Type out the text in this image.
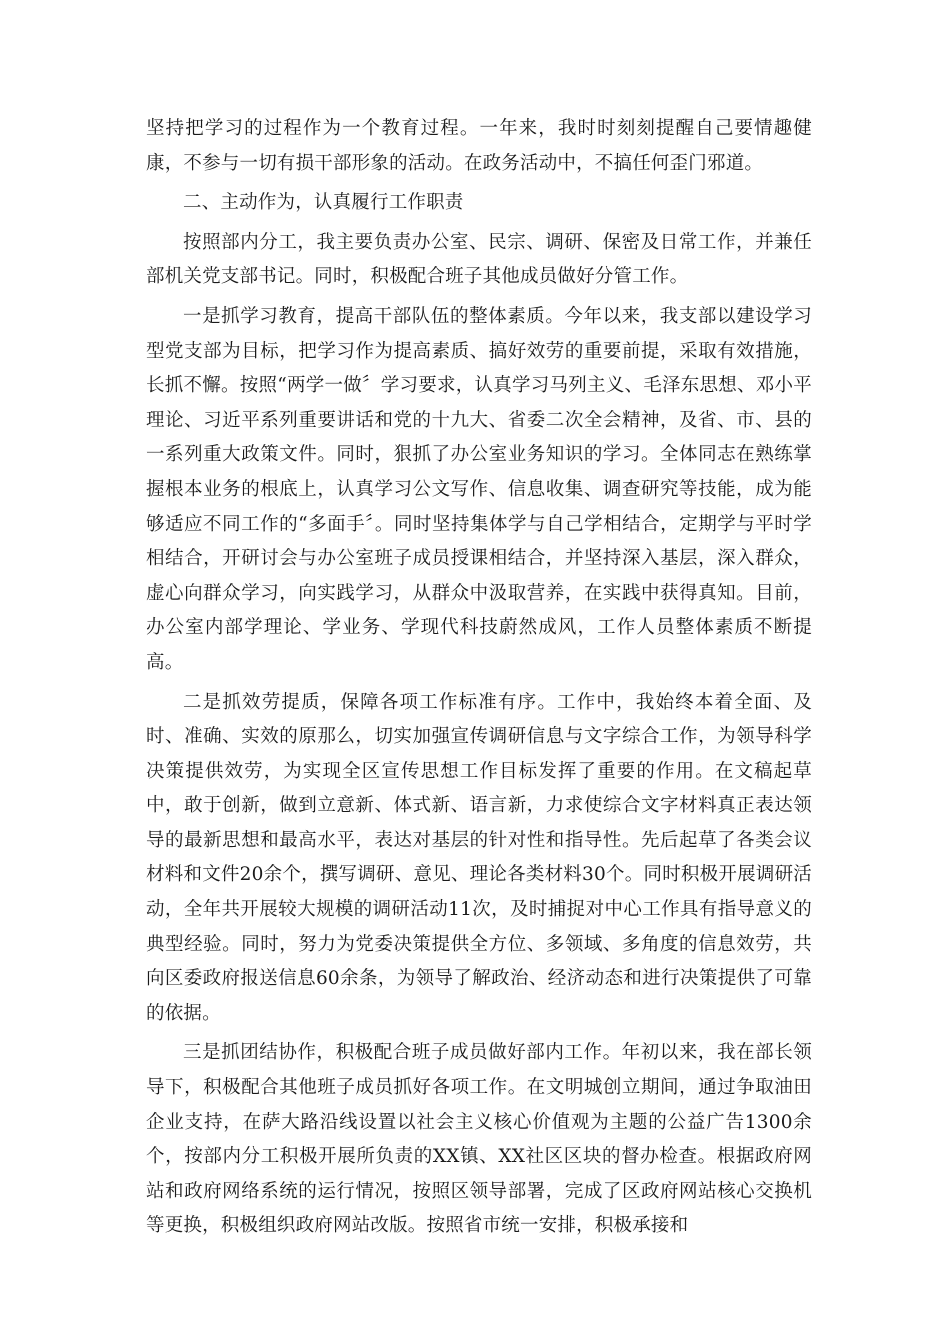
坚持把学习的过程作为一个教育过程。一年来，我时时刻刻提醒自己要情趣健康，不参与一切有损干部形象的活动。在政务活动中，不搞任何歪门邪道。

二、主动作为，认真履行工作职责

按照部内分工，我主要负责办公室、民宗、调研、保密及日常工作，并兼任部机关党支部书记。同时，积极配合班子其他成员做好分管工作。

一是抓学习教育，提高干部队伍的整体素质。今年以来，我支部以建设学习型党支部为目标，把学习作为提高素质、搞好效劳的重要前提，采取有效措施，长抓不懈。按照“两学一做〞学习要求，认真学习马列主义、毛泽东思想、邓小平理论、习近平系列重要讲话和党的十九大、省委二次全会精神，及省、市、县的一系列重大政策文件。同时，狠抓了办公室业务知识的学习。全体同志在熟练掌握根本业务的根底上，认真学习公文写作、信息收集、调查研究等技能，成为能够适应不同工作的“多面手〞。同时坚持集体学与自己学相结合，定期学与平时学相结合，开研讨会与办公室班子成员授课相结合，并坚持深入基层，深入群众，虚心向群众学习，向实践学习，从群众中汲取营养，在实践中获得真知。目前，办公室内部学理论、学业务、学现代科技蔚然成风，工作人员整体素质不断提高。

二是抓效劳提质，保障各项工作标准有序。工作中，我始终本着全面、及时、准确、实效的原那么，切实加强宣传调研信息与文字综合工作，为领导科学决策提供效劳，为实现全区宣传思想工作目标发挥了重要的作用。在文稿起草中，敢于创新，做到立意新、体式新、语言新，力求使综合文字材料真正表达领导的最新思想和最高水平，表达对基层的针对性和指导性。先后起草了各类会议材料和文件20余个，撰写调研、意见、理论各类材料30个。同时积极开展调研活动，全年共开展较大规模的调研活动11次，及时捕捉对中心工作具有指导意义的典型经验。同时，努力为党委决策提供全方位、多领域、多角度的信息效劳，共向区委政府报送信息60余条，为领导了解政治、经济动态和进行决策提供了可靠的依据。

三是抓团结协作，积极配合班子成员做好部内工作。年初以来，我在部长领导下，积极配合其他班子成员抓好各项工作。在文明城创立期间，通过争取油田企业支持，在萨大路沿线设置以社会主义核心价值观为主题的公益广告1300余个，按部内分工积极开展所负责的XX镇、XX社区区块的督办检查。根据政府网站和政府网络系统的运行情况，按照区领导部署，完成了区政府网站核心交换机等更换，积极组织政府网站改版。按照省市统一安排，积极承接和
